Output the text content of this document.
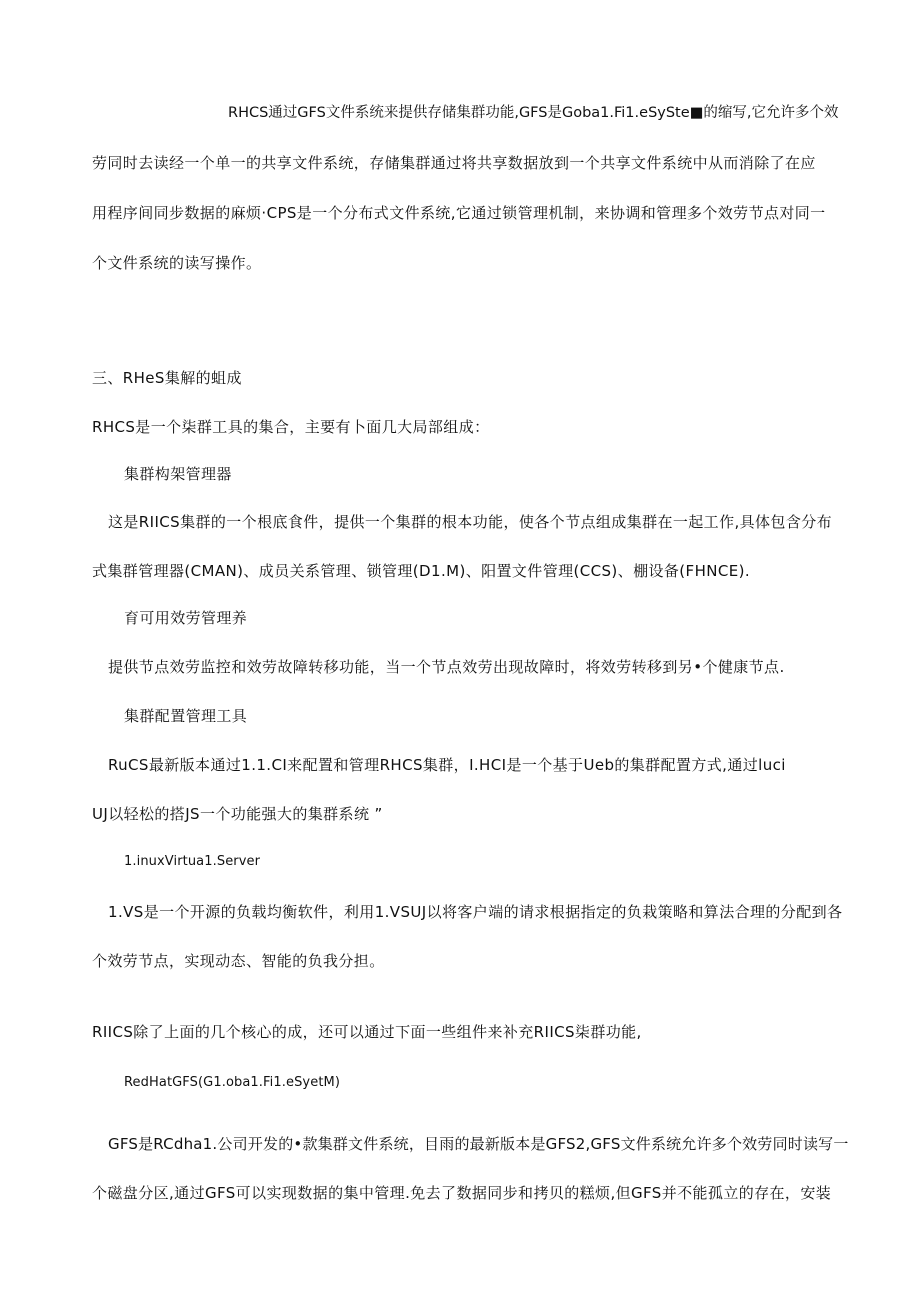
RHCS通过GFS文件系统来提供存储集群功能,GFS是Goba1.Fi1.eSySte■的缩写,它允许多个效
劳同时去读经一个单一的共享文件系统，存储集群通过将共享数据放到一个共享文件系统中从而消除了在应
用程序间同步数据的麻烦·CPS是一个分布式文件系统,它通过锁管理机制，来协调和管理多个效劳节点对同一
个文件系统的读写操作。
三、RHeS集解的蛆成
RHCS是一个柒群工具的集合，主要有卜面几大局部组成：
集群构架管理器
这是RIICS集群的一个根底食件，提供一个集群的根本功能，使各个节点组成集群在一起工作,具体包含分布
式集群管理器(CMAN)、成员关系管理、锁管理(D1.M)、阳置文件管理(CCS)、棚设备(FHNCE).
育可用效劳管理养
提供节点效劳监控和效劳故障转移功能，当一个节点效劳出现故障时，将效劳转移到另•个健康节点.
集群配置管理工具
RuCS最新版本通过1.1.CI来配置和管理RHCS集群，I.HCI是一个基于Ueb的集群配置方式,通过luci
UJ以轻松的搭JS一个功能强大的集群系统 ”
1.inuxVirtua1.Server
1.VS是一个开源的负载均衡软件，利用1.VSUJ以将客户端的请求根据指定的负栽策略和算法合理的分配到各
个效劳节点，实现动态、智能的负我分担。
RIICS除了上面的几个核心的成，还可以通过下面一些组件来补充RIICS柒群功能,
RedHatGFS(G1.oba1.Fi1.eSyetM)
GFS是RCdha1.公司开发的•款集群文件系统，目雨的最新版本是GFS2,GFS文件系统允许多个效劳同时读写一
个磁盘分区,通过GFS可以实现数据的集中管理.免去了数据同步和拷贝的糕烦,但GFS并不能孤立的存在，安装
